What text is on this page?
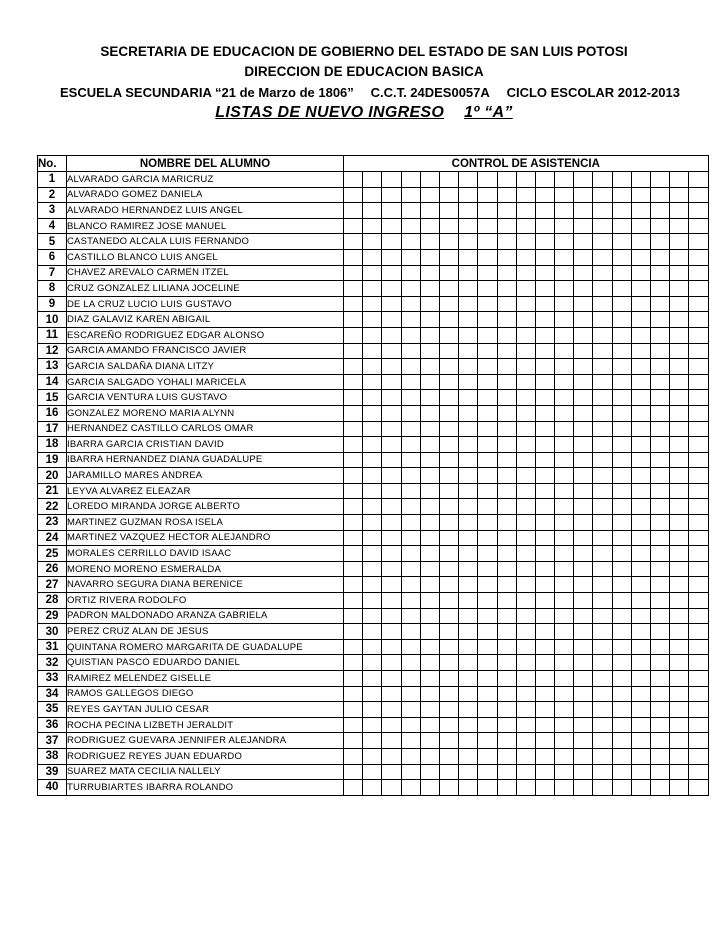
SECRETARIA DE EDUCACION DE GOBIERNO DEL ESTADO DE SAN LUIS POTOSI
DIRECCION DE EDUCACION BASICA
ESCUELA SECUNDARIA “21 de Marzo de 1806” C.C.T. 24DES0057A CICLO ESCOLAR 2012-2013
LISTAS DE NUEVO INGRESO 1º “A”
No.	NOMBRE DEL ALUMNO	CONTROL DE ASISTENCIA																		
1	ALVARADO GARCIA MARICRUZ																			
2	ALVARADO GOMEZ DANIELA																			
3	ALVARADO HERNANDEZ LUIS ANGEL																			
4	BLANCO RAMIREZ JOSE MANUEL																			
5	CASTANEDO ALCALA LUIS FERNANDO																			
6	CASTILLO BLANCO LUIS ANGEL																			
7	CHAVEZ AREVALO CARMEN ITZEL																			
8	CRUZ GONZALEZ LILIANA JOCELINE																			
9	DE LA CRUZ LUCIO LUIS GUSTAVO																			
10	DIAZ GALAVIZ KAREN ABIGAIL																			
11	ESCAREÑO RODRIGUEZ EDGAR ALONSO																			
12	GARCIA AMANDO FRANCISCO JAVIER																			
13	GARCIA SALDAÑA DIANA LITZY																			
14	GARCIA SALGADO YOHALI MARICELA																			
15	GARCIA VENTURA LUIS GUSTAVO																			
16	GONZALEZ MORENO MARIA ALYNN																			
17	HERNANDEZ CASTILLO CARLOS OMAR																			
18	IBARRA GARCIA CRISTIAN DAVID																			
19	IBARRA HERNANDEZ DIANA GUADALUPE																			
20	JARAMILLO MARES ANDREA																			
21	LEYVA ALVAREZ ELEAZAR																			
22	LOREDO MIRANDA JORGE ALBERTO																			
23	MARTINEZ GUZMAN ROSA ISELA																			
24	MARTINEZ VAZQUEZ HECTOR ALEJANDRO																			
25	MORALES CERRILLO DAVID ISAAC																			
26	MORENO MORENO ESMERALDA																			
27	NAVARRO SEGURA DIANA BERENICE																			
28	ORTIZ RIVERA RODOLFO																			
29	PADRON MALDONADO ARANZA GABRIELA																			
30	PEREZ CRUZ ALAN DE JESUS																			
31	QUINTANA ROMERO MARGARITA DE GUADALUPE																			
32	QUISTIAN PASCO EDUARDO DANIEL																			
33	RAMIREZ MELENDEZ GISELLE																			
34	RAMOS GALLEGOS DIEGO																			
35	REYES GAYTAN JULIO CESAR																			
36	ROCHA PECINA LIZBETH JERALDIT																			
37	RODRIGUEZ GUEVARA JENNIFER ALEJANDRA																			
38	RODRIGUEZ REYES JUAN EDUARDO																			
39	SUAREZ MATA CECILIA NALLELY																			
40	TURRUBIARTES IBARRA ROLANDO																			
